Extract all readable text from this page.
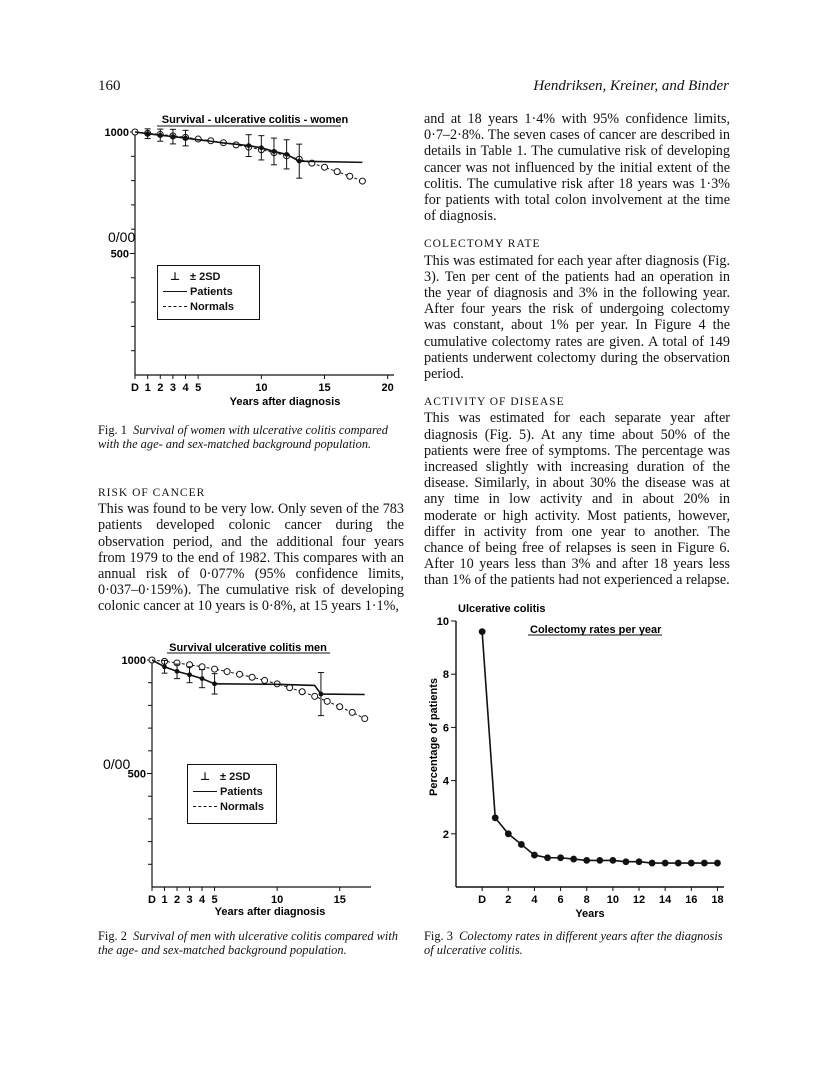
160	Hendriksen, Kreiner, and Binder
Survival - ulcerative colitis - women
1000
500
D 1 2 3 4 5	10	15	20
0/00
Years after diagnosis
⊥ ± 2SD
Patients
Normals
Fig. 1 Survival of women with ulcerative colitis compared with the age- and sex-matched background population.

RISK OF CANCER

This was found to be very low. Only seven of the 783 patients developed colonic cancer during the observation period, and the additional four years from 1979 to the end of 1982. This compares with an annual risk of 0·077% (95% confidence limits, 0·037–0·159%). The cumulative risk of developing colonic cancer at 10 years is 0·8%, at 15 years 1·1%,

Survival ulcerative colitis men
1000
500
D 1 2 3 4 5	10	15
0/00
Years after diagnosis
⊥ ± 2SD
Patients
Normals
Fig. 2 Survival of men with ulcerative colitis compared with the age- and sex-matched background population.

and at 18 years 1·4% with 95% confidence limits, 0·7–2·8%. The seven cases of cancer are described in details in Table 1. The cumulative risk of developing cancer was not influenced by the initial extent of the colitis. The cumulative risk after 18 years was 1·3% for patients with total colon involvement at the time of diagnosis.

COLECTOMY RATE

This was estimated for each year after diagnosis (Fig. 3). Ten per cent of the patients had an operation in the year of diagnosis and 3% in the following year. After four years the risk of undergoing colectomy was constant, about 1% per year. In Figure 4 the cumulative colectomy rates are given. A total of 149 patients underwent colectomy during the observation period.

ACTIVITY OF DISEASE

This was estimated for each separate year after diagnosis (Fig. 5). At any time about 50% of the patients were free of symptoms. The percentage was increased slightly with increasing duration of the disease. Similarly, in about 30% the disease was at any time in low activity and in about 20% in moderate or high activity. Most patients, however, differ in activity from one year to another. The chance of being free of relapses is seen in Figure 6. After 10 years less than 3% and after 18 years less than 1% of the patients had not experienced a relapse.

Ulcerative colitis
Colectomy rates per year
2
4
6
8
10
D 2 4 6 8 10 12 14 16 18
Percentage of patients
Years
Fig. 3 Colectomy rates in different years after the diagnosis of ulcerative colitis.
